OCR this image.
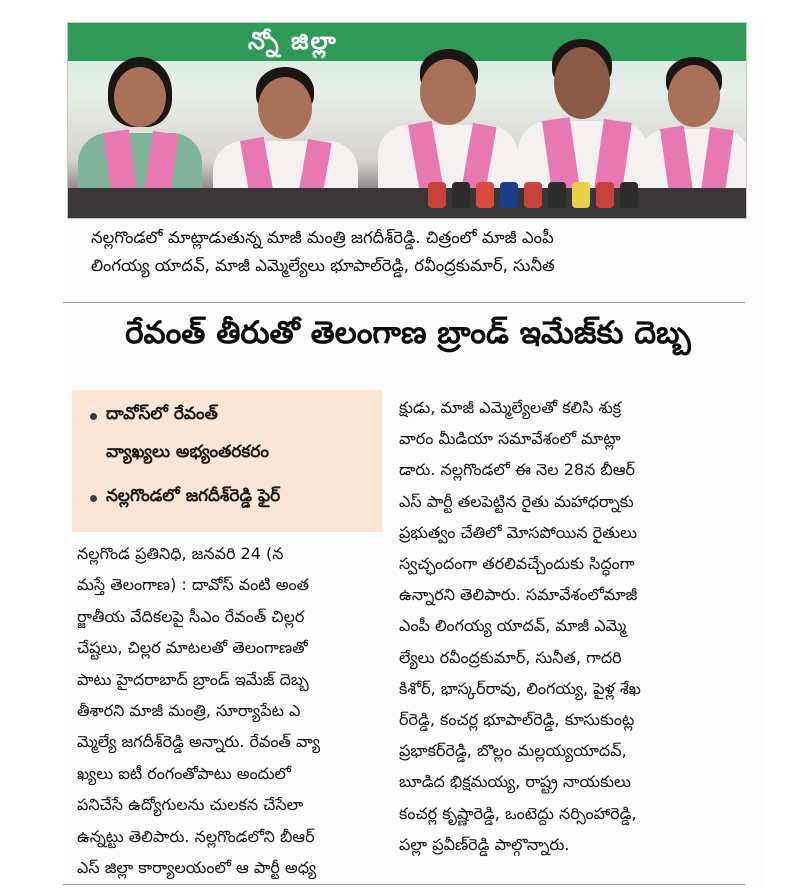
న్నో జిల్లా
నల్లగొండలో మాట్లాడుతున్న మాజీ మంత్రి జగదీశ్‌రెడ్డి. చిత్రంలో మాజీ ఎంపీ
లింగయ్య యాదవ్, మాజీ ఎమ్మెల్యేలు భూపాల్‌రెడ్డి, రవీంద్రకుమార్, సునీత
రేవంత్ తీరుతో తెలంగాణ బ్రాండ్ ఇమేజ్‌కు దెబ్బ
దావోస్‌లో రేవంత్
వ్యాఖ్యలు అభ్యంతరకరం
నల్లగొండలో జగదీశ్‌రెడ్డి ఫైర్
నల్లగొండ ప్రతినిధి, జనవరి 24 (న
మస్తే తెలంగాణ) : దావోస్ వంటి అంత
ర్జాతీయ వేదికలపై సీఎం రేవంత్ చిల్లర
చేష్టలు, చిల్లర మాటలతో తెలంగాణతో
పాటు హైదరాబాద్ బ్రాండ్ ఇమేజ్ దెబ్బ
తీశారని మాజీ మంత్రి, సూర్యాపేట ఎ
మ్మెల్యే జగదీశ్‌రెడ్డి అన్నారు. రేవంత్ వ్యా
ఖ్యలు ఐటీ రంగంతోపాటు అందులో
పనిచేసే ఉద్యోగులను చులకన చేసేలా
ఉన్నట్టు తెలిపారు. నల్లగొండలోని బీఆర్
ఎస్ జిల్లా కార్యాలయంలో ఆ పార్టీ అధ్య
క్షుడు, మాజీ ఎమ్మెల్యేలతో కలిసి శుక్ర
వారం మీడియా సమావేశంలో మాట్లా
డారు. నల్లగొండలో ఈ నెల 28న బీఆర్
ఎస్ పార్టీ తలపెట్టిన రైతు మహాధర్నాకు
ప్రభుత్వం చేతిలో మోసపోయిన రైతులు
స్వచ్ఛందంగా తరలివచ్చేందుకు సిద్ధంగా
ఉన్నారని తెలిపారు. సమావేశంలోమాజీ
ఎంపీ లింగయ్య యాదవ్, మాజీ ఎమ్మె
ల్యేలు రవీంద్రకుమార్, సునీత, గాదరి
కిశోర్, భాస్కర్‌రావు, లింగయ్య, పైళ్ల శేఖ
ర్‌రెడ్డి, కంచర్ల భూపాల్‌రెడ్డి, కూసుకుంట్ల
ప్రభాకర్‌రెడ్డి, బొల్లం మల్లయ్యయాదవ్,
బూడిద భిక్షమయ్య, రాష్ట్ర నాయకులు
కంచర్ల కృష్ణారెడ్డి, ఒంటెద్దు నర్సింహారెడ్డి,
పల్లా ప్రవీణ్‌రెడ్డి పాల్గొన్నారు.
